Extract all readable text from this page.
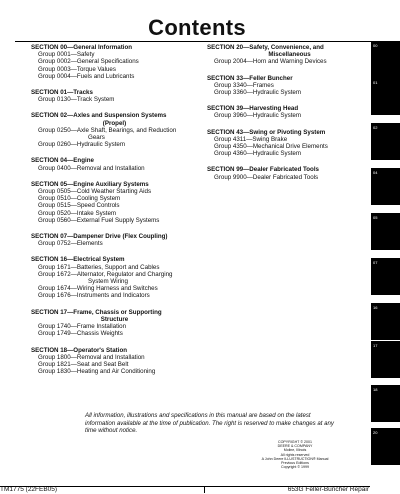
Contents
SECTION 00—General Information
Group 0001—Safety
Group 0002—General Specifications
Group 0003—Torque Values
Group 0004—Fuels and Lubricants
SECTION 01—Tracks
Group 0130—Track System
SECTION 02—Axles and Suspension Systems
(Propel)
Group 0250—Axle Shaft, Bearings, and Reduction
Gears
Group 0260—Hydraulic System
SECTION 04—Engine
Group 0400—Removal and Installation
SECTION 05—Engine Auxiliary Systems
Group 0505—Cold Weather Starting Aids
Group 0510—Cooling System
Group 0515—Speed Controls
Group 0520—Intake System
Group 0560—External Fuel Supply Systems
SECTION 07—Dampener Drive (Flex Coupling)
Group 0752—Elements
SECTION 16—Electrical System
Group 1671—Batteries, Support and Cables
Group 1672—Alternator, Regulator and Charging
System Wiring
Group 1674—Wiring Harness and Switches
Group 1676—Instruments and Indicators
SECTION 17—Frame, Chassis or Supporting
Structure
Group 1740—Frame Installation
Group 1749—Chassis Weights
SECTION 18—Operator's Station
Group 1800—Removal and Installation
Group 1821—Seat and Seat Belt
Group 1830—Heating and Air Conditioning
SECTION 20—Safety, Convenience, and
Miscellaneous
Group 2004—Horn and Warning Devices
SECTION 33—Feller Buncher
Group 3340—Frames
Group 3360—Hydraulic System
SECTION 39—Harvesting Head
Group 3960—Hydraulic System
SECTION 43—Swing or Pivoting System
Group 4311—Swing Brake
Group 4350—Mechanical Drive Elements
Group 4360—Hydraulic System
SECTION 99—Dealer Fabricated Tools
Group 9900—Dealer Fabricated Tools
All information, illustrations and specifications in this manual are based on the latest information available at the time of publication. The right is reserved to make changes at any time without notice.
COPYRIGHT © 2001
DEERE & COMPANY
Moline, Illinois
All rights reserved
A John Deere ILLUSTRUCTION® Manual
Previous Editions
Copyright © 1999
00
01
02
04
05
07
16
17
18
20
TM1775 (22FEB05)	653G Feller-Buncher Repair
